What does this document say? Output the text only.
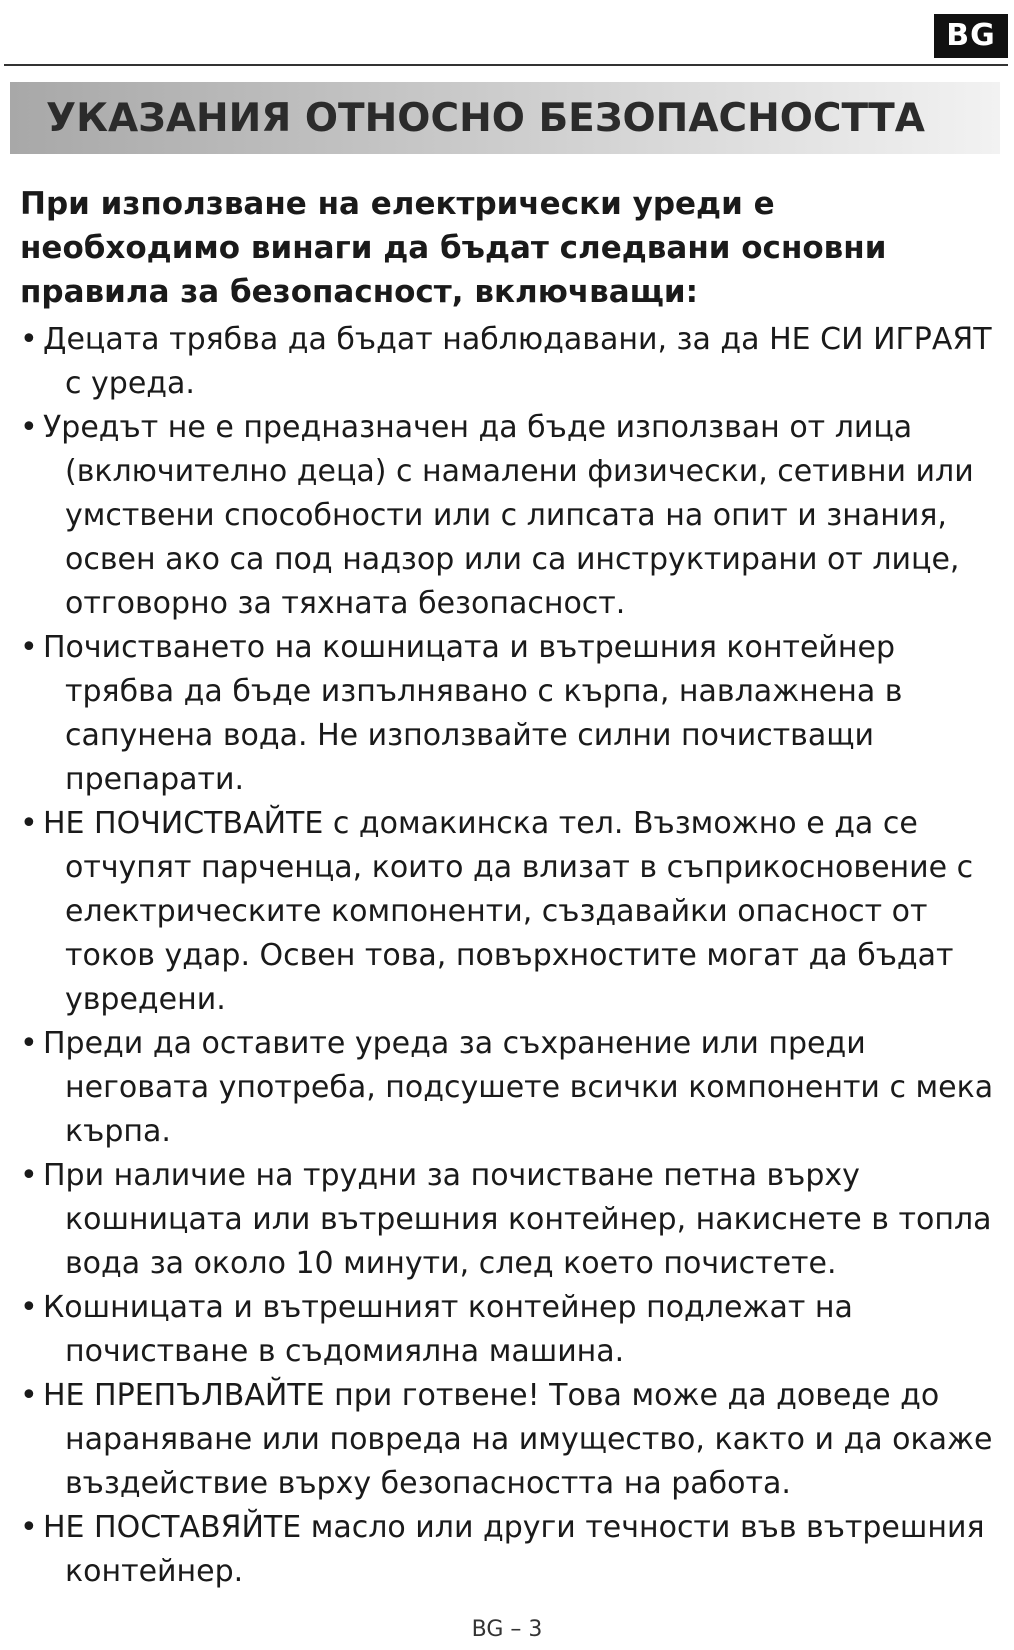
BG
УКАЗАНИЯ ОТНОСНО БЕЗОПАСНОСТТА

При използване на електрически уреди е необходимо винаги да бъдат следвани основни правила за безопасност, включващи:

• Децата трябва да бъдат наблюдавани, за да НЕ СИ ИГРАЯТ с уреда.
• Уредът не е предназначен да бъде използван от лица (включително деца) с намалени физически, сетивни или умствени способности или с липсата на опит и знания, освен ако са под надзор или са инструктирани от лице, отговорно за тяхната безопасност.
• Почистването на кошницата и вътрешния контейнер трябва да бъде изпълнявано с кърпа, навлажнена в сапунена вода. Не използвайте силни почистващи препарати.
• НЕ ПОЧИСТВАЙТЕ с домакинска тел. Възможно е да се отчупят парченца, които да влизат в съприкосновение с електрическите компоненти, създавайки опасност от токов удар. Освен това, повърхностите могат да бъдат увредени.
• Преди да оставите уреда за съхранение или преди неговата употреба, подсушете всички компоненти с мека кърпа.
• При наличие на трудни за почистване петна върху кошницата или вътрешния контейнер, накиснете в топла вода за около 10 минути, след което почистете.
• Кошницата и вътрешният контейнер подлежат на почистване в съдомиялна машина.
• НЕ ПРЕПЪЛВАЙТЕ при готвене! Това може да доведе до нараняване или повреда на имущество, както и да окаже въздействие върху безопасността на работа.
• НЕ ПОСТАВЯЙТЕ масло или други течности във вътрешния контейнер.
BG – 3
